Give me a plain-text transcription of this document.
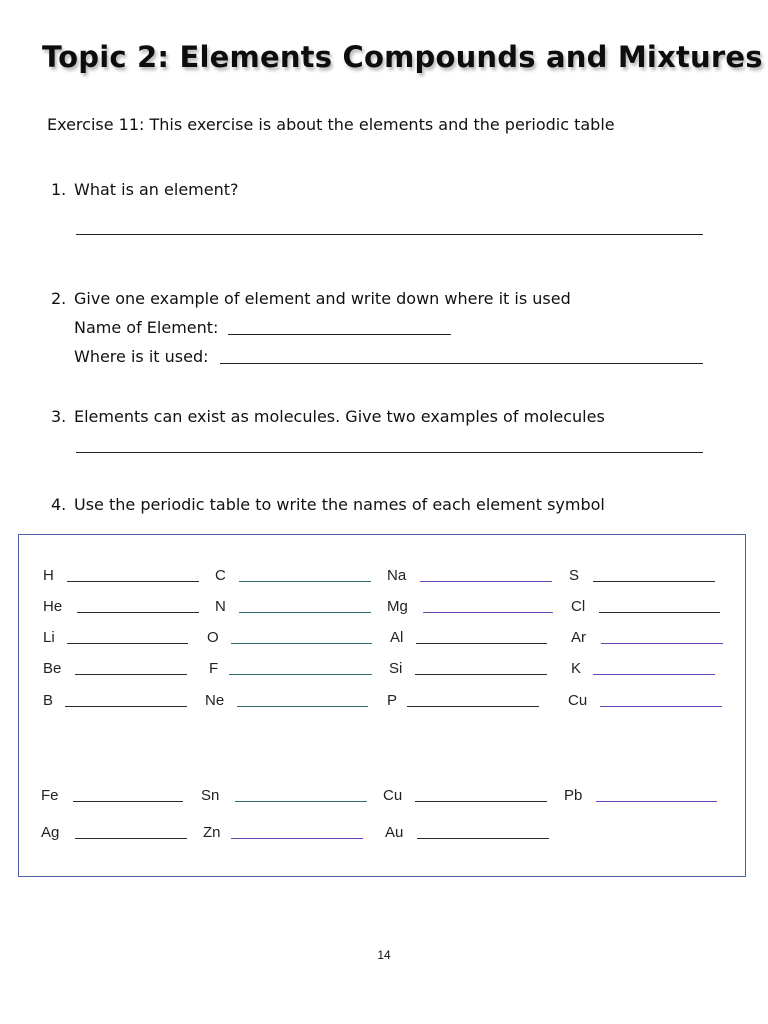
Topic 2: Elements Compounds and Mixtures
Exercise 11: This exercise is about the elements and the periodic table
1. What is an element?
2. Give one example of element and write down where it is used
Name of Element:
Where is it used:
3. Elements can exist as molecules. Give two examples of molecules
4. Use the periodic table to write the names of each element symbol
H	C	Na	S
He	N	Mg	Cl
Li	O	Al	Ar
Be	F	Si	K
B	Ne	P	Cu
Fe	Sn	Cu	Pb
Ag	Zn	Au
14
